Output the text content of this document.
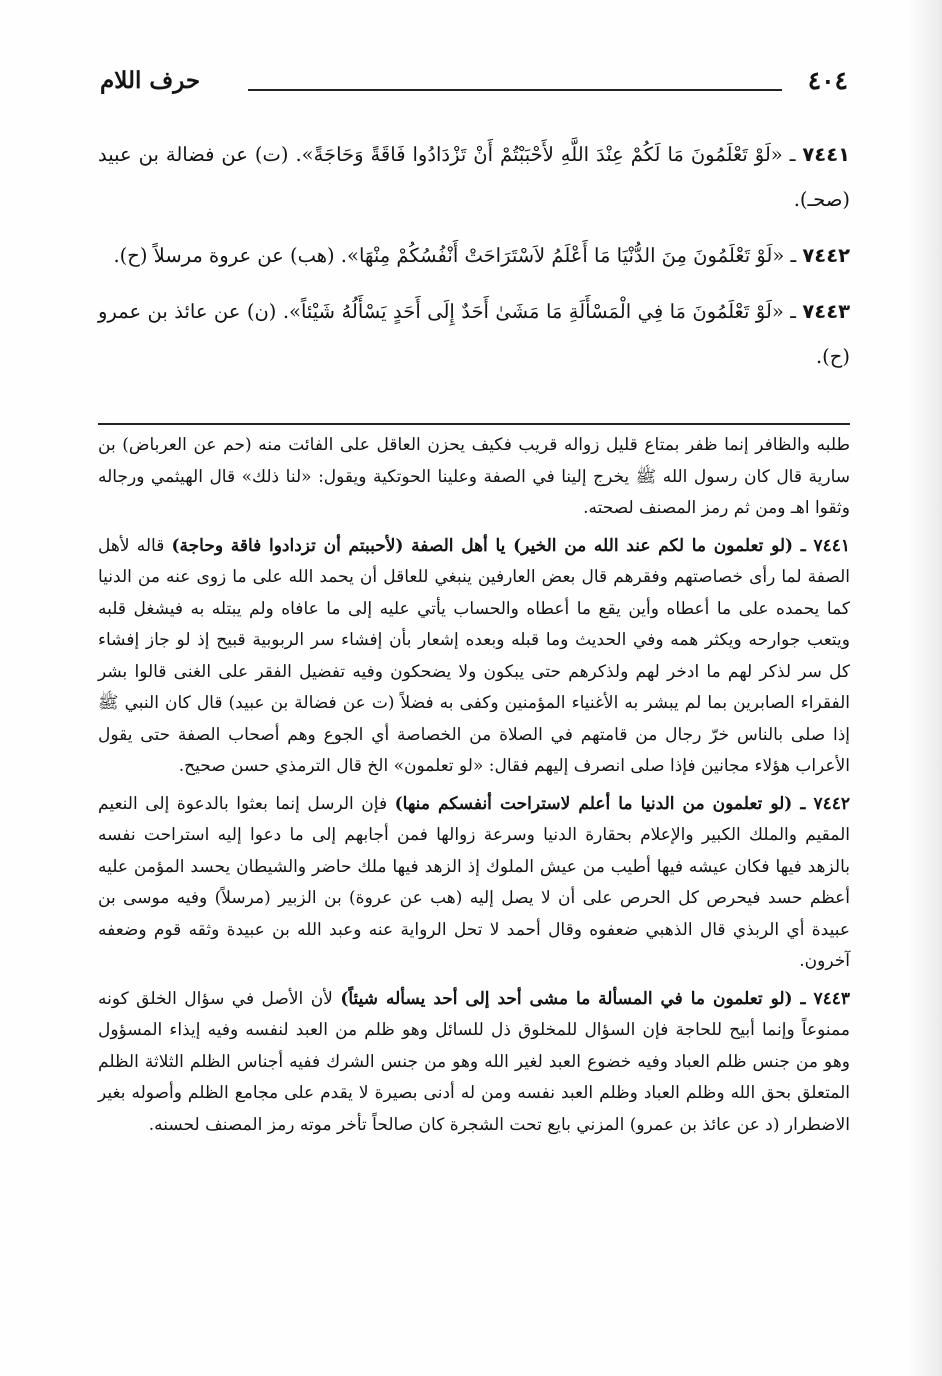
٤٠٤
حرف اللام
٧٤٤١ ـ «لَوْ تَعْلَمُونَ مَا لَكُمْ عِنْدَ اللَّهِ لأَحْبَبْتُمْ أَنْ تَزْدَادُوا فَاقَةً وَحَاجَةً». (ت) عن فضالة بن عبيد (صحـ).
٧٤٤٢ ـ «لَوْ تَعْلَمُونَ مِنَ الدُّنْيَا مَا أَعْلَمُ لاَسْتَرَاحَتْ أَنْفُسُكُمْ مِنْهَا». (هب) عن عروة مرسلاً (ح).
٧٤٤٣ ـ «لَوْ تَعْلَمُونَ مَا فِي الْمَسْأَلَةِ مَا مَشَىٰ أَحَدٌ إِلَى أَحَدٍ يَسْأَلُهُ شَيْئاً». (ن) عن عائذ بن عمرو (ح).

طلبه والظافر إنما ظفر بمتاع قليل زواله قريب فكيف يحزن العاقل على الفائت منه (حم عن العرباض) بن سارية قال كان رسول الله ﷺ يخرج إلينا في الصفة وعلينا الحوتكية ويقول: «لنا ذلك» قال الهيثمي ورجاله وثقوا اهـ ومن ثم رمز المصنف لصحته.

٧٤٤١ ـ (لو تعلمون ما لكم عند الله من الخير) يا أهل الصفة (لأحببتم أن تزدادوا فاقة وحاجة) قاله لأهل الصفة لما رأى خصاصتهم وفقرهم قال بعض العارفين ينبغي للعاقل أن يحمد الله على ما زوى عنه من الدنيا كما يحمده على ما أعطاه وأين يقع ما أعطاه والحساب يأتي عليه إلى ما عافاه ولم يبتله به فيشغل قلبه ويتعب جوارحه ويكثر همه وفي الحديث وما قبله وبعده إشعار بأن إفشاء سر الربوبية قبيح إذ لو جاز إفشاء كل سر لذكر لهم ما ادخر لهم ولذكرهم حتى يبكون ولا يضحكون وفيه تفضيل الفقر على الغنى قالوا بشر الفقراء الصابرين بما لم يبشر به الأغنياء المؤمنين وكفى به فضلاً (ت عن فضالة بن عبيد) قال كان النبي ﷺ إذا صلى بالناس خرّ رجال من قامتهم في الصلاة من الخصاصة أي الجوع وهم أصحاب الصفة حتى يقول الأعراب هؤلاء مجانين فإذا صلى انصرف إليهم فقال: «لو تعلمون» الخ قال الترمذي حسن صحيح.

٧٤٤٢ ـ (لو تعلمون من الدنيا ما أعلم لاستراحت أنفسكم منها) فإن الرسل إنما بعثوا بالدعوة إلى النعيم المقيم والملك الكبير والإعلام بحقارة الدنيا وسرعة زوالها فمن أجابهم إلى ما دعوا إليه استراحت نفسه بالزهد فيها فكان عيشه فيها أطيب من عيش الملوك إذ الزهد فيها ملك حاضر والشيطان يحسد المؤمن عليه أعظم حسد فيحرص كل الحرص على أن لا يصل إليه (هب عن عروة) بن الزبير (مرسلاً) وفيه موسى بن عبيدة أي الربذي قال الذهبي ضعفوه وقال أحمد لا تحل الرواية عنه وعبد الله بن عبيدة وثقه قوم وضعفه آخرون.

٧٤٤٣ ـ (لو تعلمون ما في المسألة ما مشى أحد إلى أحد يسأله شيئاً) لأن الأصل في سؤال الخلق كونه ممنوعاً وإنما أبيح للحاجة فإن السؤال للمخلوق ذل للسائل وهو ظلم من العبد لنفسه وفيه إيذاء المسؤول وهو من جنس ظلم العباد وفيه خضوع العبد لغير الله وهو من جنس الشرك ففيه أجناس الظلم الثلاثة الظلم المتعلق بحق الله وظلم العباد وظلم العبد نفسه ومن له أدنى بصيرة لا يقدم على مجامع الظلم وأصوله بغير الاضطرار (د عن عائذ بن عمرو) المزني بايع تحت الشجرة كان صالحاً تأخر موته رمز المصنف لحسنه.
